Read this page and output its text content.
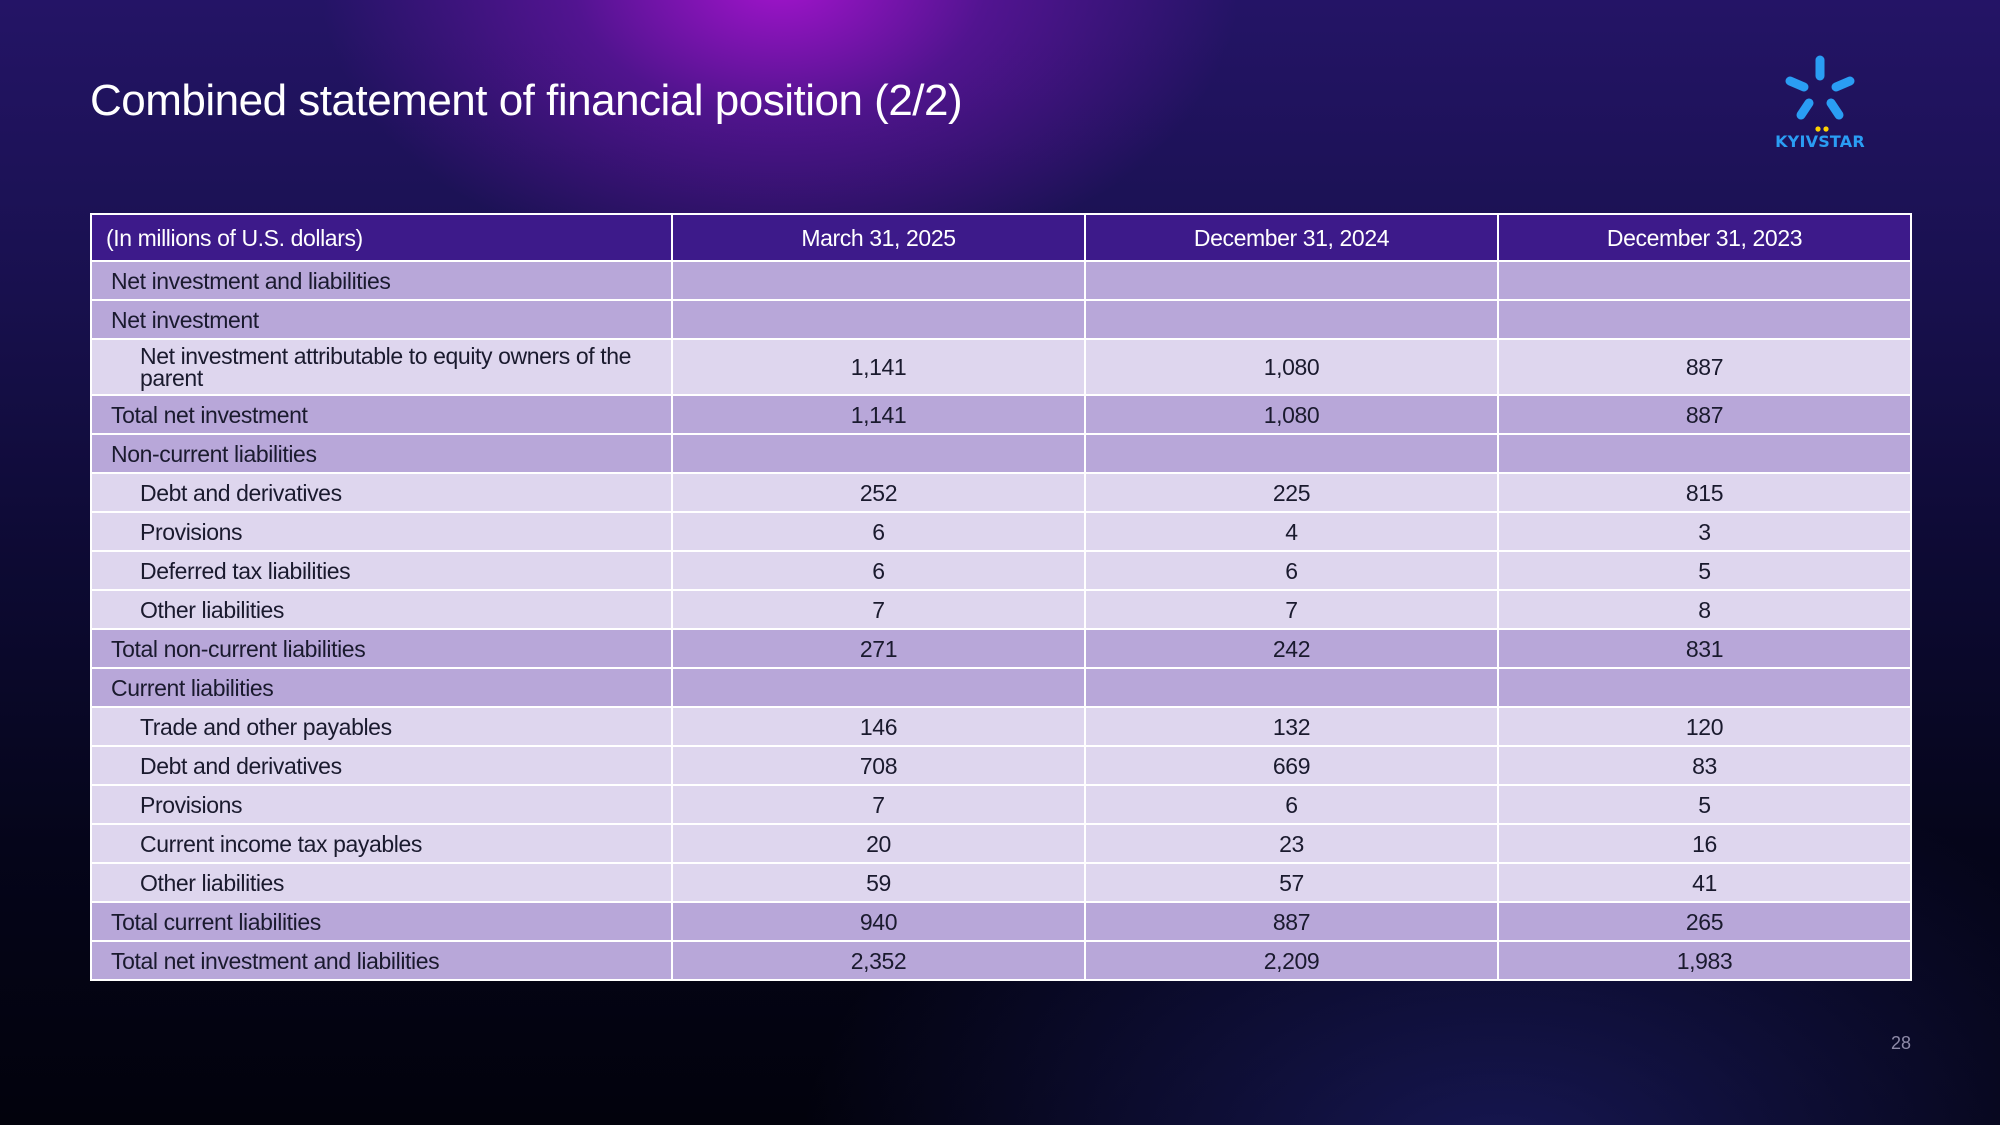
Combined statement of financial position (2/2)
KYIVSTAR
(In millions of U.S. dollars)	March 31, 2025	December 31, 2024	December 31, 2023
Net investment and liabilities			
Net investment			
Net investment attributable to equity owners of the parent	1,141	1,080	887
Total net investment	1,141	1,080	887
Non-current liabilities			
Debt and derivatives	252	225	815
Provisions	6	4	3
Deferred tax liabilities	6	6	5
Other liabilities	7	7	8
Total non-current liabilities	271	242	831
Current liabilities			
Trade and other payables	146	132	120
Debt and derivatives	708	669	83
Provisions	7	6	5
Current income tax payables	20	23	16
Other liabilities	59	57	41
Total current liabilities	940	887	265
Total net investment and liabilities	2,352	2,209	1,983
28
